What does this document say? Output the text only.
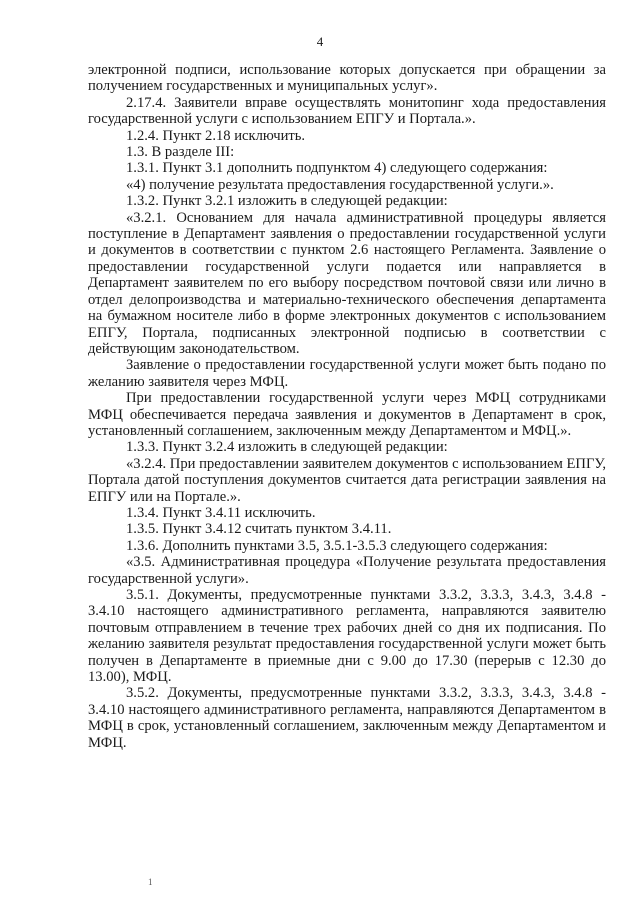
4

электронной подписи, использование которых допускается при обращении за получением государственных и муниципальных услуг».

2.17.4. Заявители вправе осуществлять монитопинг хода предоставления государственной услуги с использованием ЕПГУ и Портала.».

1.2.4. Пункт 2.18 исключить.

1.3. В разделе III:

1.3.1. Пункт 3.1 дополнить подпунктом 4) следующего содержания:

«4) получение результата предоставления государственной услуги.».

1.3.2. Пункт 3.2.1 изложить в следующей редакции:

«3.2.1. Основанием для начала административной процедуры является поступление в Департамент заявления о предоставлении государственной услуги и документов в соответствии с пунктом 2.6 настоящего Регламента. Заявление о предоставлении государственной услуги подается или направляется в Департамент заявителем по его выбору посредством почтовой связи или лично в отдел делопроизводства и материально-технического обеспечения департамента на бумажном носителе либо в форме электронных документов с использованием ЕПГУ, Портала, подписанных электронной подписью в соответствии с действующим законодательством.

Заявление о предоставлении государственной услуги может быть подано по желанию заявителя через МФЦ.

При предоставлении государственной услуги через МФЦ сотрудниками МФЦ обеспечивается передача заявления и документов в Департамент в срок, установленный соглашением, заключенным между Департаментом и МФЦ.».

1.3.3. Пункт 3.2.4 изложить в следующей редакции:

«3.2.4. При предоставлении заявителем документов с использованием ЕПГУ, Портала датой поступления документов считается дата регистрации заявления на ЕПГУ или на Портале.».

1.3.4. Пункт 3.4.11 исключить.

1.3.5. Пункт 3.4.12 считать пунктом 3.4.11.

1.3.6. Дополнить пунктами 3.5, 3.5.1-3.5.3 следующего содержания:

«3.5. Административная процедура «Получение результата предоставления государственной услуги».

3.5.1. Документы, предусмотренные пунктами 3.3.2, 3.3.3, 3.4.3, 3.4.8 - 3.4.10 настоящего административного регламента, направляются заявителю почтовым отправлением в течение трех рабочих дней со дня их подписания. По желанию заявителя результат предоставления государственной услуги может быть получен в Департаменте в приемные дни с 9.00 до 17.30 (перерыв с 12.30 до 13.00), МФЦ.

3.5.2. Документы, предусмотренные пунктами 3.3.2, 3.3.3, 3.4.3, 3.4.8 - 3.4.10 настоящего административного регламента, направляются Департаментом в МФЦ в срок, установленный соглашением, заключенным между Департаментом и МФЦ.

1
